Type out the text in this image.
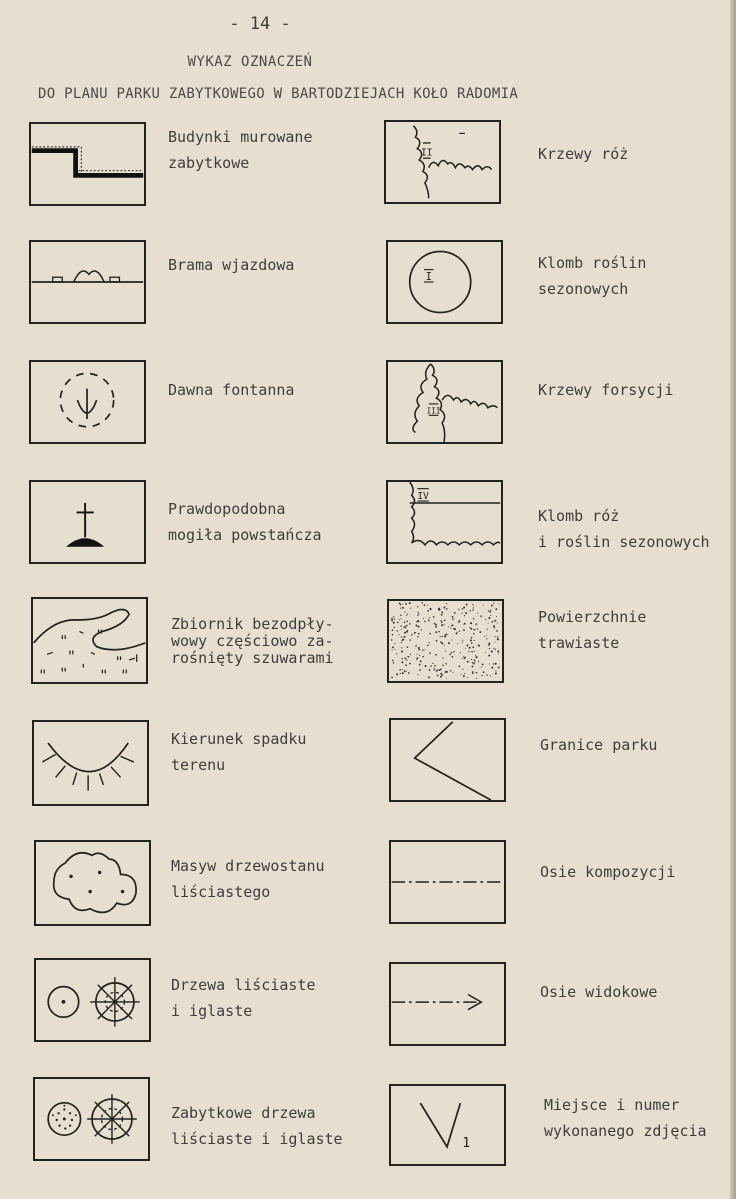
- 14 -
WYKAZ OZNACZEŃ
DO PLANU PARKU ZABYTKOWEGO W BARTODZIEJACH KOŁO RADOMIA
Budynki murowane
zabytkowe
Brama wjazdowa
Dawna fontanna
Prawdopodobna
mogiła powstańcza
Zbiornik bezodpły-
wowy częściowo za-
rośnięty szuwarami
Kierunek spadku
terenu
Masyw drzewostanu
liściastego
Drzewa liściaste
i iglaste
Zabytkowe drzewa
liściaste i iglaste
II	Krzewy róż
I
Klomb roślin
sezonowych
III
Krzewy forsycji
IV
Klomb róż
i roślin sezonowych
Powierzchnie
trawiaste
Granice parku
Osie kompozycji
Osie widokowe
1
Miejsce i numer
wykonanego zdjęcia
